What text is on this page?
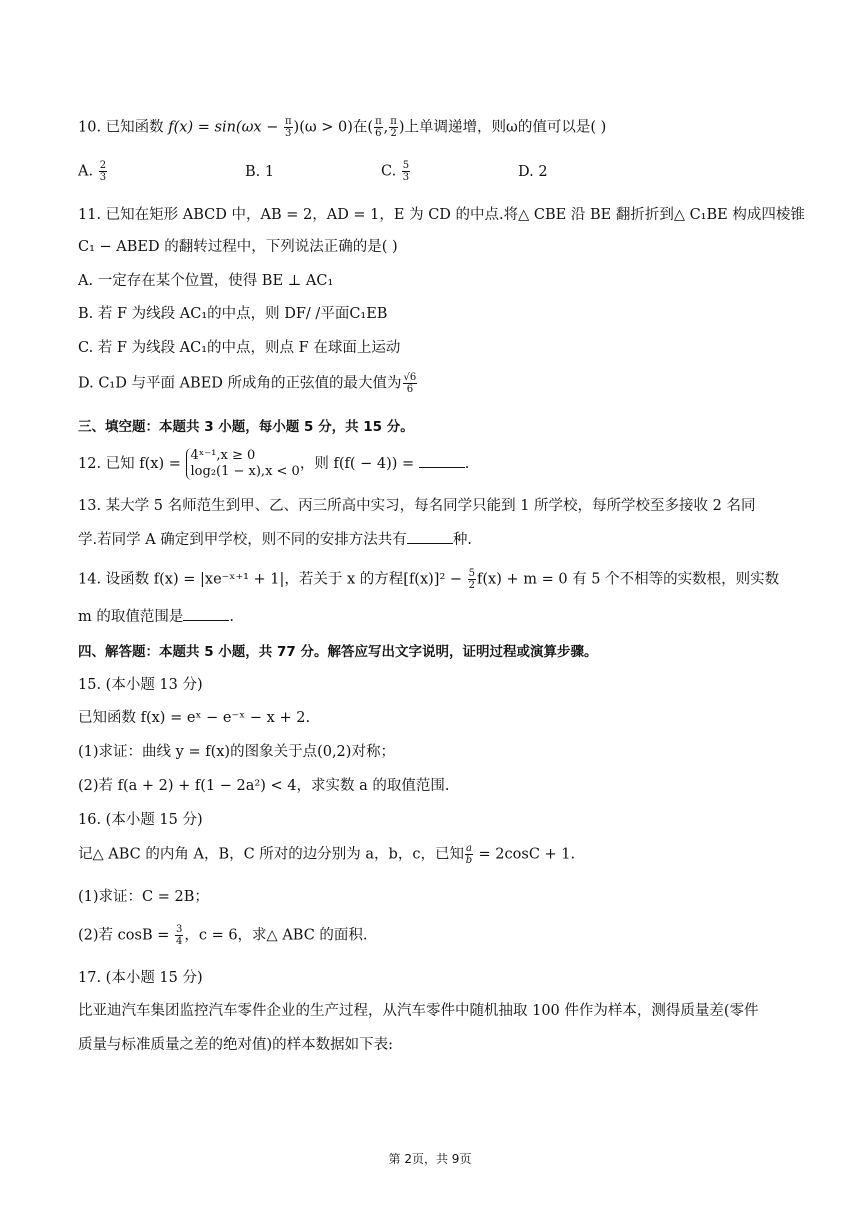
10. 已知函数 $f(x) = \sin(\omega x - \frac{\pi}{3} )(\omega > 0)$在( $\frac{\pi}{6}$ , $\frac{\pi}{2}$ )上单调递增，则ω的值可以是( )
A. $\frac{2}{3}$	B. 1	C. $\frac{5}{3}$	D. 2
11. 已知在矩形 ABCD 中，AB = 2，AD = 1，E 为 CD 的中点.将△ CBE 沿 BE 翻折折到△ C₁BE 构成四棱锥
C₁ − ABED 的翻转过程中，下列说法正确的是( )
A. 一定存在某个位置，使得 BE ⊥ AC₁
B. 若 F 为线段 AC₁的中点，则 DF/ /平面C₁EB
C. 若 F 为线段 AC₁的中点，则点 F 在球面上运动
D. C₁D 与平面 ABED 所成角的正弦值的最大值为 $\frac{√6}{6}$
三、填空题：本题共 3 小题，每小题 5 分，共 15 分。
12. 已知 f(x) =
4ˣ⁻¹,x ≥ 0
log₂(1 − x),x < 0 ，则 f(f( − 4)) =	.
13. 某大学 5 名师范生到甲、乙、丙三所高中实习，每名同学只能到 1 所学校，每所学校至多接收 2 名同
学.若同学 A 确定到甲学校，则不同的安排方法共有	种.
14. 设函数 f(x) = |xe⁻ˣ⁺¹ + 1|，若关于 x 的方程$[f(x)]^2 - \frac{5}{2} f(x) + m = 0$ 有 5 个不相等的实数根，则实数
m 的取值范围是	.
四、解答题：本题共 5 小题，共 77 分。解答应写出文字说明，证明过程或演算步骤。
15. (本小题 13 分)
已知函数 f(x) = eˣ − e⁻ˣ − x + 2.
(1)求证：曲线 y = f(x)的图象关于点(0,2)对称；
(2)若 f(a + 2) + f(1 − 2a²) < 4，求实数 a 的取值范围.
16. (本小题 15 分)
记△ ABC 的内角 A，B，C 所对的边分别为 a，b，c，已知 $\frac{a}{b} = 2\cos C + 1$.
(1)求证：C = 2B；
(2)若 $\cos B = \frac{3}{4}$ ，c = 6，求△ ABC 的面积.
17. (本小题 15 分)
比亚迪汽车集团监控汽车零件企业的生产过程，从汽车零件中随机抽取 100 件作为样本，测得质量差(零件
质量与标准质量之差的绝对值)的样本数据如下表:
第 2页，共 9页
